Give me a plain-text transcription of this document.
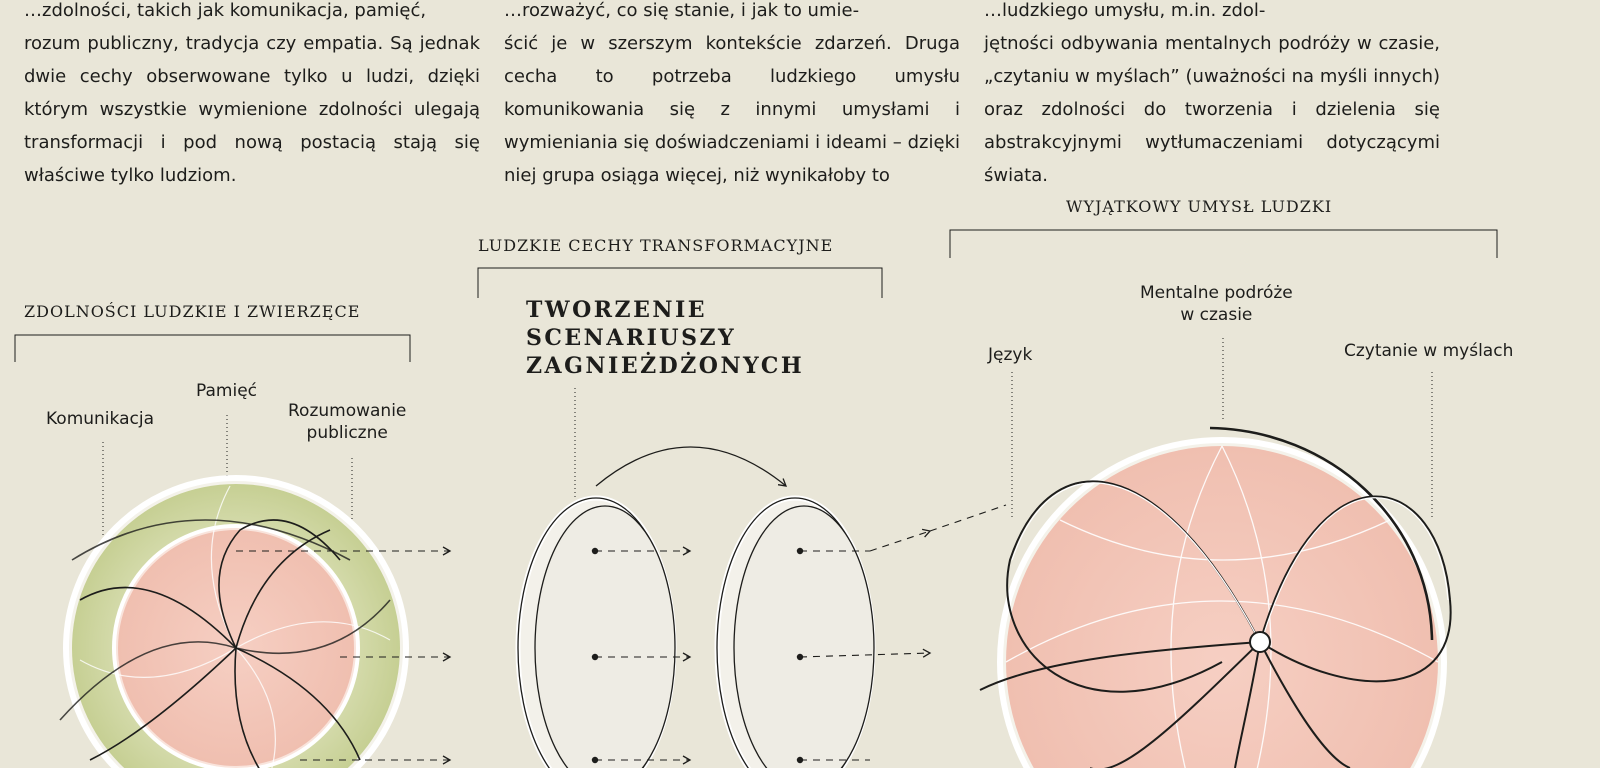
…zdolności, takich jak komunikacja, pamięć,

rozum publiczny, tradycja czy empatia. Są jednak dwie cechy obserwowane tylko u ludzi, dzięki którym wszystkie wymienione zdolności ulegają transformacji i pod nową postacią stają się właściwe tylko ludziom.

…rozważyć, co się stanie, i jak to umie-

ścić je w szerszym kontekście zdarzeń. Druga cecha to potrzeba ludzkiego umysłu komunikowania się z innymi umysłami i wymieniania się doświadczeniami i ideami – dzięki niej grupa osiąga więcej, niż wynikałoby to

…ludzkiego umysłu, m.in. zdol-

jętności odbywania mentalnych podróży w czasie, „czytaniu w myślach” (uważności na myśli innych) oraz zdolności do tworzenia i dzielenia się abstrakcyjnymi wytłumaczeniami dotyczącymi świata.

ZDOLNOŚCI LUDZKIE I ZWIERZĘCE
LUDZKIE CECHY TRANSFORMACYJNE
WYJĄTKOWY UMYSŁ LUDZKI
TWORZENIE
SCENARIUSZY
ZAGNIEŻDŻONYCH
Komunikacja
Pamięć
Rozumowanie
publiczne
Język
Mentalne podróże
w czasie
Czytanie w myślach
